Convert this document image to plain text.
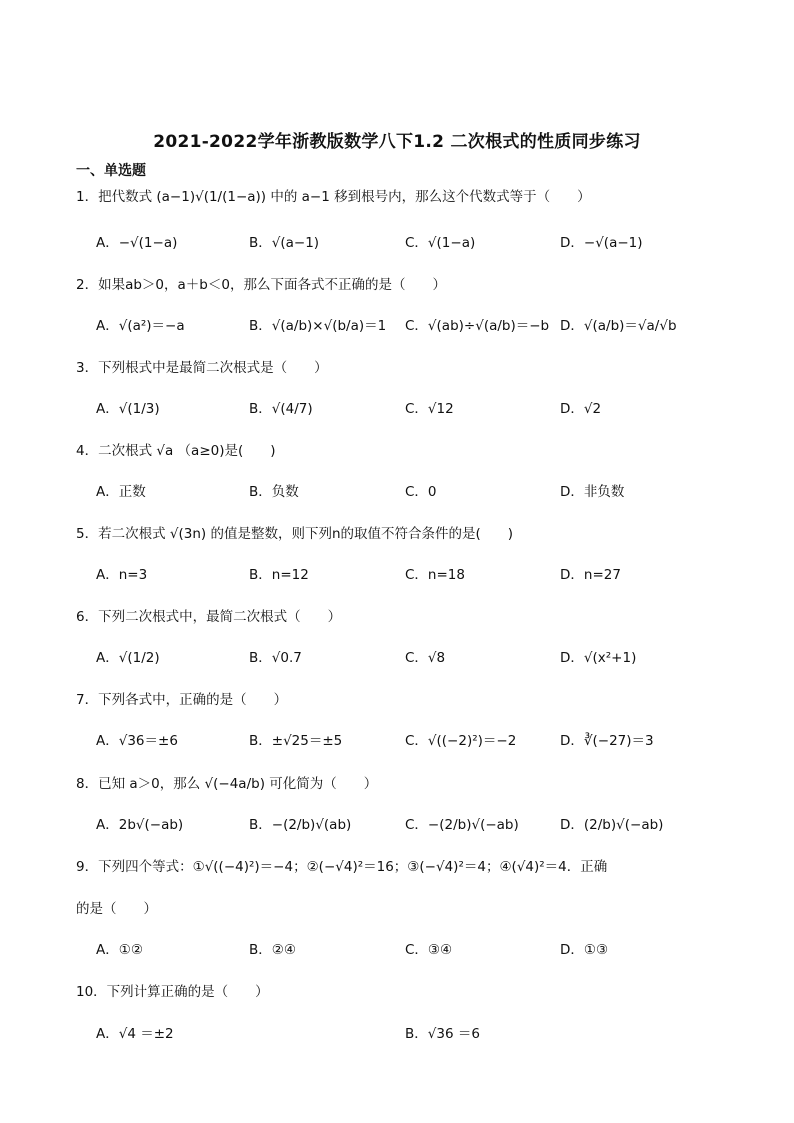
2021-2022学年浙教版数学八下1.2 二次根式的性质同步练习
一、单选题
1．把代数式 (a−1)√(1/(1−a)) 中的 a−1 移到根号内，那么这个代数式等于（　　）
A．−√(1−a)	B．√(a−1)	C．√(1−a)	D．−√(a−1)
2．如果ab＞0，a＋b＜0，那么下面各式不正确的是（　　）
A．√(a²)＝−a	B．√(a/b)×√(b/a)＝1 C．√(ab)÷√(a/b)＝−b D．√(a/b)＝√a/√b
3．下列根式中是最简二次根式是（　　）
A．√(1/3)	B．√(4/7)	C．√12	D．√2
4．二次根式 √a （a≥0)是(　　)
A．正数	B．负数	C．0	D．非负数
5．若二次根式 √(3n) 的值是整数，则下列n的取值不符合条件的是(　　)
A．n=3	B．n=12	C．n=18	D．n=27
6．下列二次根式中，最简二次根式（　　）
A．√(1/2)	B．√0.7	C．√8	D．√(x²+1)
7．下列各式中，正确的是（　　）
A．√36＝±6	B．±√25＝±5	C．√((−2)²)＝−2	D．∛(−27)＝3
8．已知 a＞0，那么 √(−4a/b) 可化简为（　　）
A．2b√(−ab)	B．−(2/b)√(ab)	C．−(2/b)√(−ab)	D．(2/b)√(−ab)
9．下列四个等式：①√((−4)²)＝−4；②(−√4)²＝16；③(−√4)²＝4；④(√4)²＝4．正确
的是（　　）
A．①②	B．②④	C．③④	D．①③
10．下列计算正确的是（　　）
A．√4 ＝±2	B．√36 ＝6
